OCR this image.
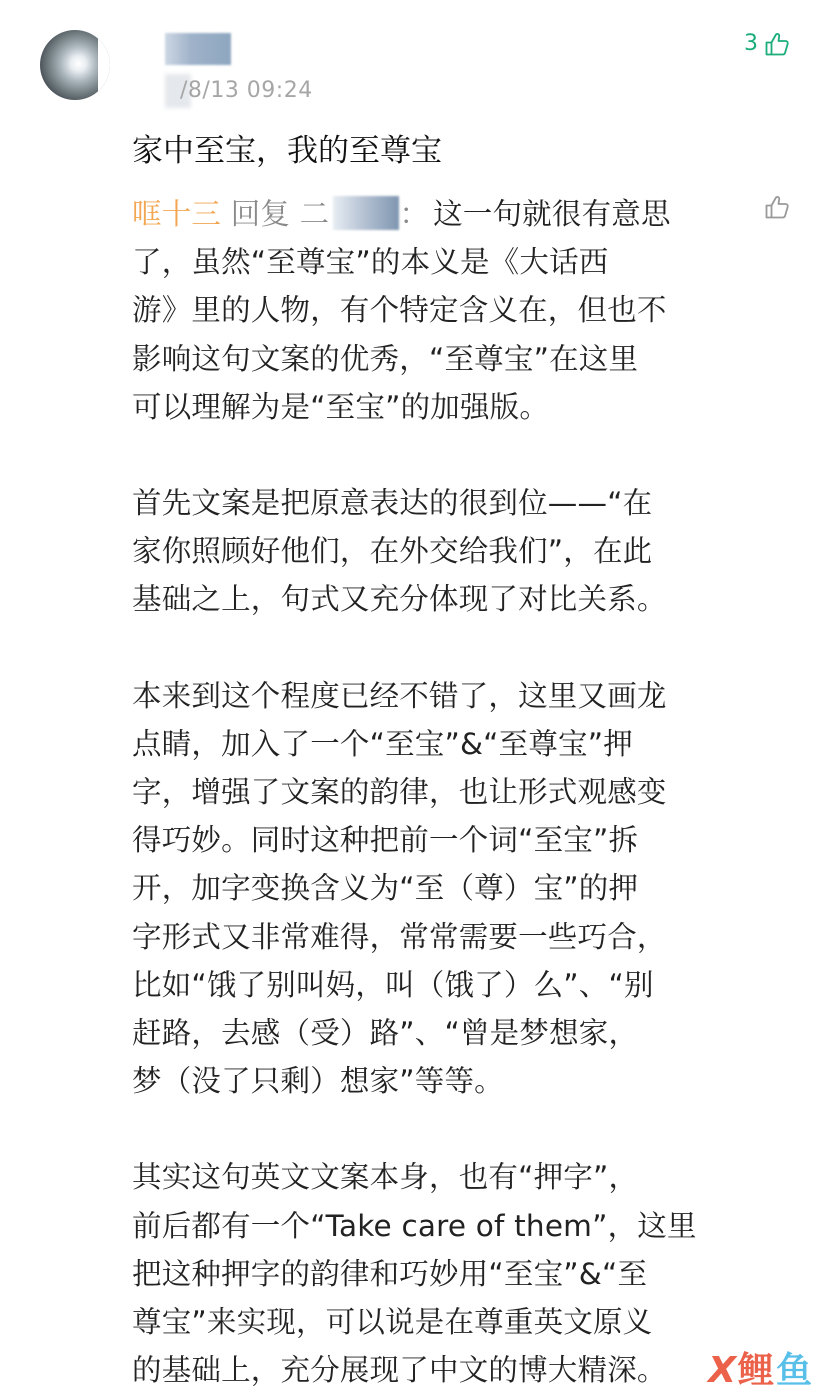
/8/13 09:24
3
家中至宝，我的至尊宝

哐十三 回复 二 ： 这一句就很有意思

了，虽然“至尊宝”的本义是《大话西

游》里的人物，有个特定含义在，但也不

影响这句文案的优秀，“至尊宝”在这里

可以理解为是“至宝”的加强版。

首先文案是把原意表达的很到位——“在

家你照顾好他们，在外交给我们”，在此

基础之上，句式又充分体现了对比关系。

本来到这个程度已经不错了，这里又画龙

点睛，加入了一个“至宝”&“至尊宝”押

字，增强了文案的韵律，也让形式观感变

得巧妙。同时这种把前一个词“至宝”拆

开，加字变换含义为“至（尊）宝”的押

字形式又非常难得，常常需要一些巧合，

比如“饿了别叫妈，叫（饿了）么”、“别

赶路，去感（受）路”、“曾是梦想家，

梦（没了只剩）想家”等等。

其实这句英文文案本身，也有“押字”，

前后都有一个“Take care of them”，这里

把这种押字的韵律和巧妙用“至宝”&“至

尊宝”来实现，可以说是在尊重英文原义

的基础上，充分展现了中文的博大精深。	X 鲤 鱼
